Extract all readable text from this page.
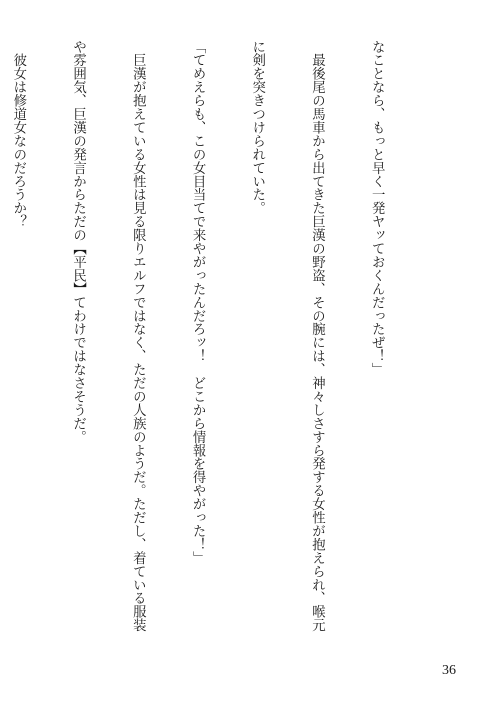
なことなら、もっと早く一発ヤッておくんだったぜ！」

　最後尾の馬車から出てきた巨漢の野盗、その腕には、神々しさすら発する女性が抱えられ、喉元

に剣を突きつけられていた。

「てめえらも、この女目当てで来やがったんだろッ！　どこから情報を得やがった！」

　巨漢が抱えている女性は見る限りエルフではなく、ただの人族のようだ。ただし、着ている服装

や雰囲気、巨漢の発言からただの【平民】てわけではなさそうだ。

　彼女は修道女なのだろうか？

36
